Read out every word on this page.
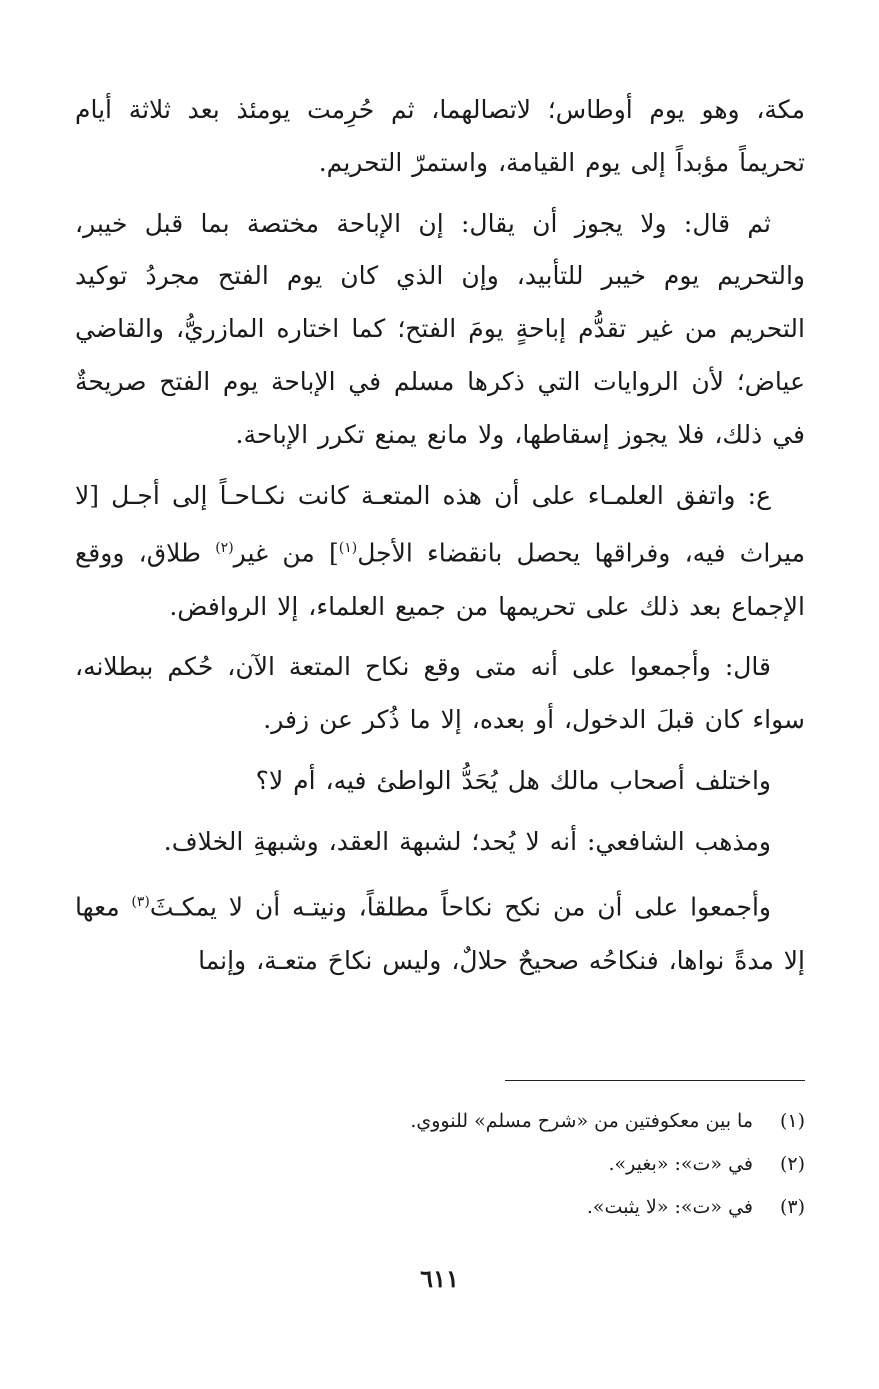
مكة، وهو يوم أوطاس؛ لاتصالهما، ثم حُرِمت يومئذ بعد ثلاثة أيام تحريماً مؤبداً إلى يوم القيامة، واستمرّ التحريم.

ثم قال: ولا يجوز أن يقال: إن الإباحة مختصة بما قبل خيبر، والتحريم يوم خيبر للتأبيد، وإن الذي كان يوم الفتح مجردُ توكيد التحريم من غير تقدُّم إباحةٍ يومَ الفتح؛ كما اختاره المازريُّ، والقاضي عياض؛ لأن الروايات التي ذكرها مسلم في الإباحة يوم الفتح صريحةٌ في ذلك، فلا يجوز إسقاطها، ولا مانع يمنع تكرر الإباحة.

ع: واتفق العلمـاء على أن هذه المتعـة كانت نكـاحـاً إلى أجـل [لا ميراث فيه، وفراقها يحصل بانقضاء الأجل$^{(١)}$] من غير$^{(٢)}$ طلاق، ووقع الإجماع بعد ذلك على تحريمها من جميع العلماء، إلا الروافض.

قال: وأجمعوا على أنه متى وقع نكاح المتعة الآن، حُكم ببطلانه، سواء كان قبلَ الدخول، أو بعده، إلا ما ذُكر عن زفر.

واختلف أصحاب مالك هل يُحَدُّ الواطئ فيه، أم لا؟

ومذهب الشافعي: أنه لا يُحد؛ لشبهة العقد، وشبهةِ الخلاف.

وأجمعوا على أن من نكح نكاحاً مطلقاً، ونيتـه أن لا يمكـثَ$^{(٣)}$ معها إلا مدةً نواها، فنكاحُه صحيحٌ حلالٌ، وليس نكاحَ متعـة، وإنما

(١)
ما بين معكوفتين من «شرح مسلم» للنووي.
(٢)
في «ت»: «بغير».
(٣)
في «ت»: «لا يثبت».
٦١١
